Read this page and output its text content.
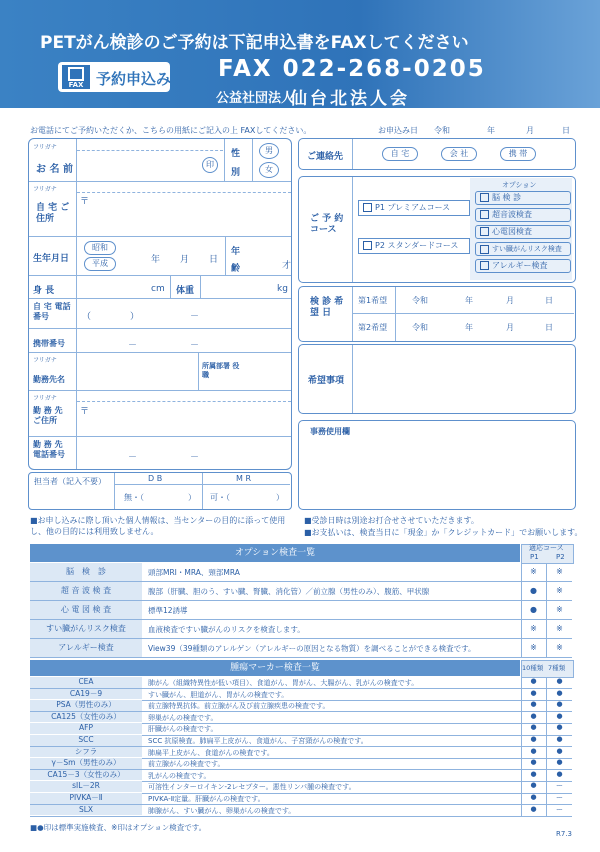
PETがん検診のご予約は下記申込書をFAXしてください
FAX 予約申込み FAX 022-268-0205
公益社団法人
仙台北法人会
お電話にてご予約いただくか、こちらの用紙にご記入の上 FAXしてください。	お申込み日 令和	年	月	日
フリガナ
お 名 前	印
性
別
男
女
フリガナ
〒
自 宅 ご住所
生年月日
昭和
平成	年 月 日
年
齢	才
身 長	cm 体重	kg
自 宅 電話番号	（	）	－
携帯番号	－	－
フリガナ
勤務先名
所属部署 役 職
フリガナ
〒
勤 務 先 ご住所
勤 務 先 電話番号	－	－
担当者（記入不要）	D B	M R
無・（	） 可・（	）
ご連絡先	自 宅	会 社	携 帯
ご 予 約 コース
P1 プレミアムコース
P2 スタンダードコース
オプション
脳 検 診
超音波検査
心電図検査
すい臓がんリスク検査
アレルギー検査
検 診 希 望 日
第1希望
第2希望
令和	年	月	日
令和	年	月	日
希望事項
事務使用欄
■お申し込みに際し頂いた個人情報は、当センターの目的に添って使用し、他の目的には利用致しません。
■受診日時は別途お打合せさせていただきます。
■お支払いは、検査当日に「現金」か「クレジットカード」でお願いします。
オプション検査一覧	適応コース
P1 P2
脳　検　診	頭部MRI・MRA、頸部MRA	※	※
超 音 波 検 査	腹部（肝臓、胆のう、すい臓、腎臓、消化管）／前立腺（男性のみ）、腹筋、甲状腺	●	※
心 電 図 検 査	標準12誘導	●	※
すい臓がんリスク検査	血液検査ですい臓がんのリスクを検査します。	※	※
アレルギー検査	View39（39種類のアレルゲン（アレルギーの原因となる物質）を調べることができる検査です。	※	※
腫瘍マーカー検査一覧	10種類 7種類
CEA	肺がん（組織特異性が低い項目）、食道がん、胃がん、大腸がん、乳がんの検査です。	●	●
CA19－9	すい臓がん、胆道がん、胃がんの検査です。	●	●
PSA（男性のみ）	前立腺特異抗体。前立腺がん及び前立腺疾患の検査です。	●	●
CA125（女性のみ）	卵巣がんの検査です。	●	●
AFP	肝臓がんの検査です。	●	●
SCC	SCC 抗原検査。肺扁平上皮がん、食道がん、子宮頸がんの検査です。	●	●
シフラ	肺扁平上皮がん、食道がんの検査です。	●	●
γ－Sm（男性のみ）	前立腺がんの検査です。	●	●
CA15－3（女性のみ）	乳がんの検査です。	●	●
sIL－2R	可溶性インターロイキン-2レセプター。悪性リンパ腫の検査です。	●	ー
PIVKA－Ⅱ	PIVKA-Ⅱ定量。肝臓がんの検査です。	●	ー
SLX	肺腺がん、すい臓がん、卵巣がんの検査です。	●	ー
■●印は標準実施検査、※印はオプション検査です。
R7.3
